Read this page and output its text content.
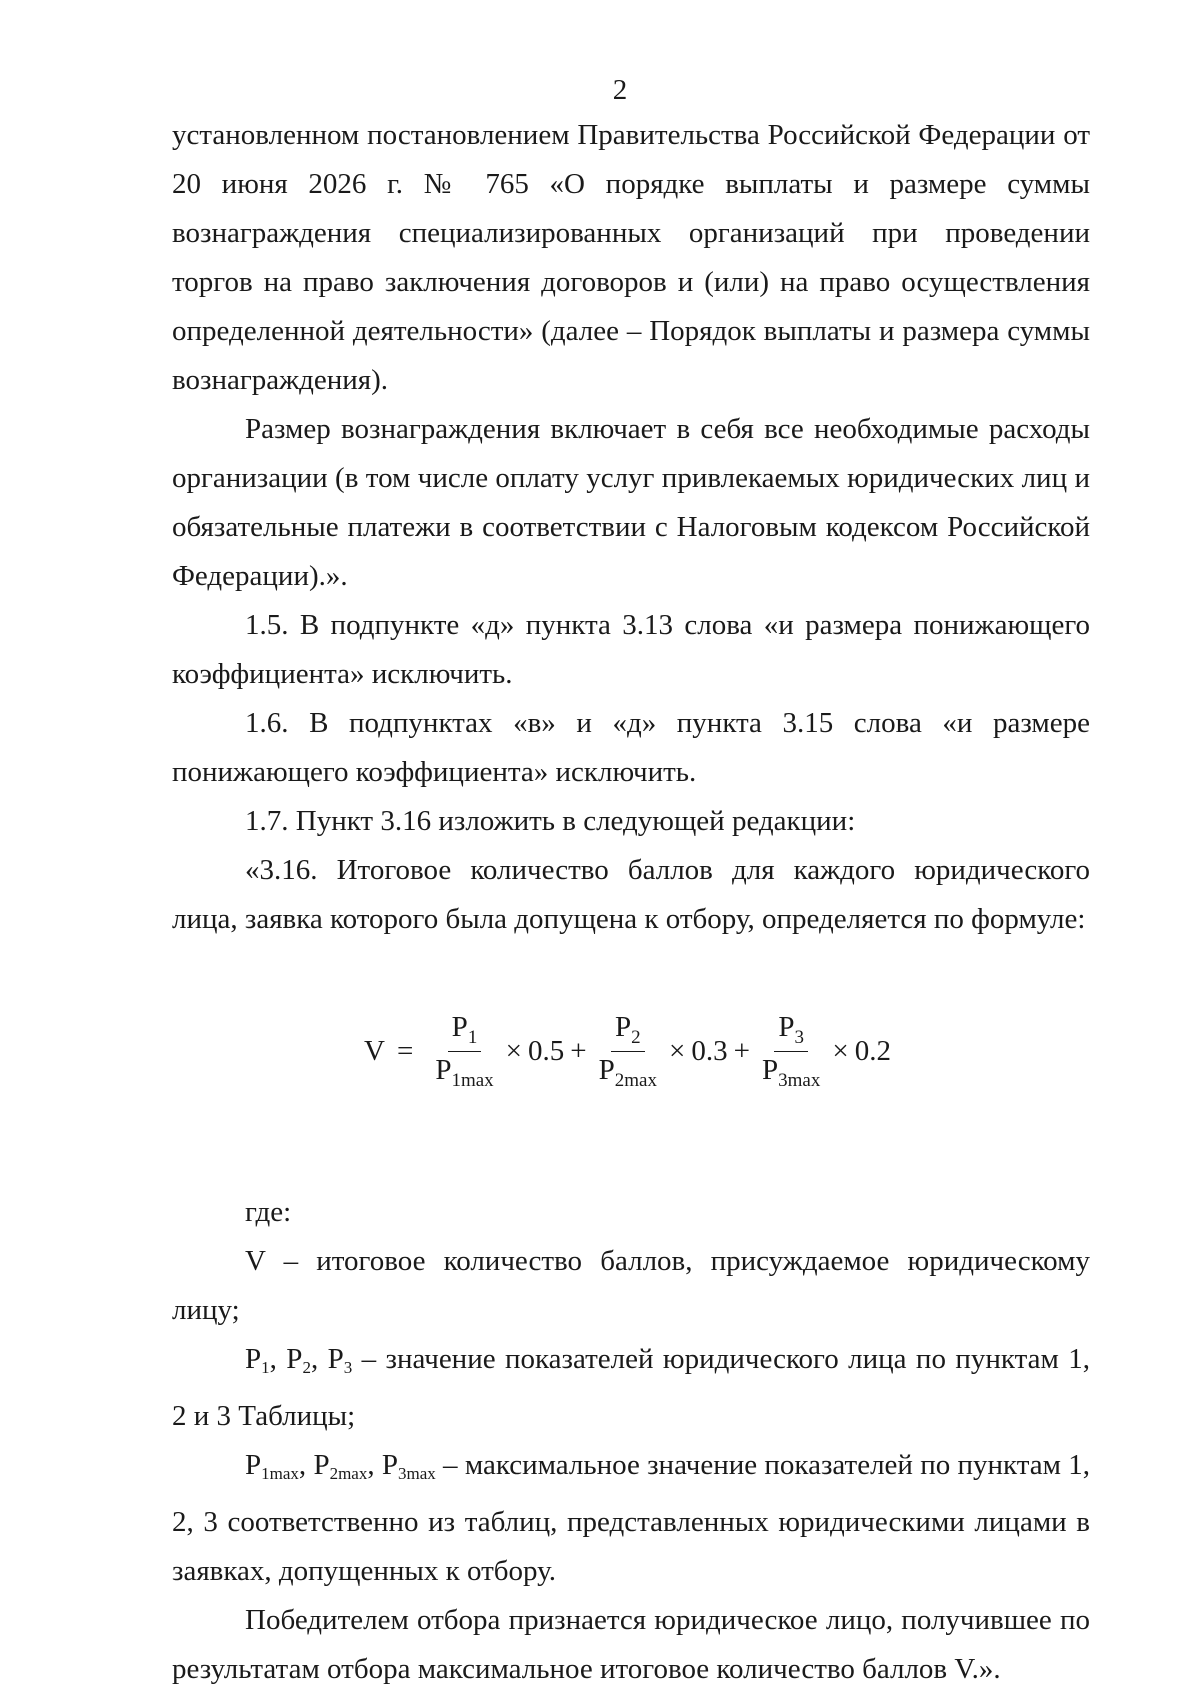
2

установленном постановлением Правительства Российской Федерации от 20 июня 2026 г. № 765 «О порядке выплаты и размере суммы вознаграждения специализированных организаций при проведении торгов на право заключения договоров и (или) на право осуществления определенной деятельности» (далее – Порядок выплаты и размера суммы вознаграждения).

Размер вознаграждения включает в себя все необходимые расходы организации (в том числе оплату услуг привлекаемых юридических лиц и обязательные платежи в соответствии с Налоговым кодексом Российской Федерации).».

1.5. В подпункте «д» пункта 3.13 слова «и размера понижающего коэффициента» исключить.

1.6. В подпунктах «в» и «д» пункта 3.15 слова «и размере понижающего коэффициента» исключить.

1.7. Пункт 3.16 изложить в следующей редакции:

«3.16. Итоговое количество баллов для каждого юридического лица, заявка которого была допущена к отбору, определяется по формуле:

$V = \frac{P_1}{P_{1max}} \times 0.5 + \frac{P_2}{P_{2max}} \times 0.3 + \frac{P_3}{P_{3max}} \times 0.2$

где:

V – итоговое количество баллов, присуждаемое юридическому лицу;

P1, P2, P3 – значение показателей юридического лица по пунктам 1, 2 и 3 Таблицы;

P1max, P2max, P3max – максимальное значение показателей по пунктам 1, 2, 3 соответственно из таблиц, представленных юридическими лицами в заявках, допущенных к отбору.

Победителем отбора признается юридическое лицо, получившее по результатам отбора максимальное итоговое количество баллов V.».
